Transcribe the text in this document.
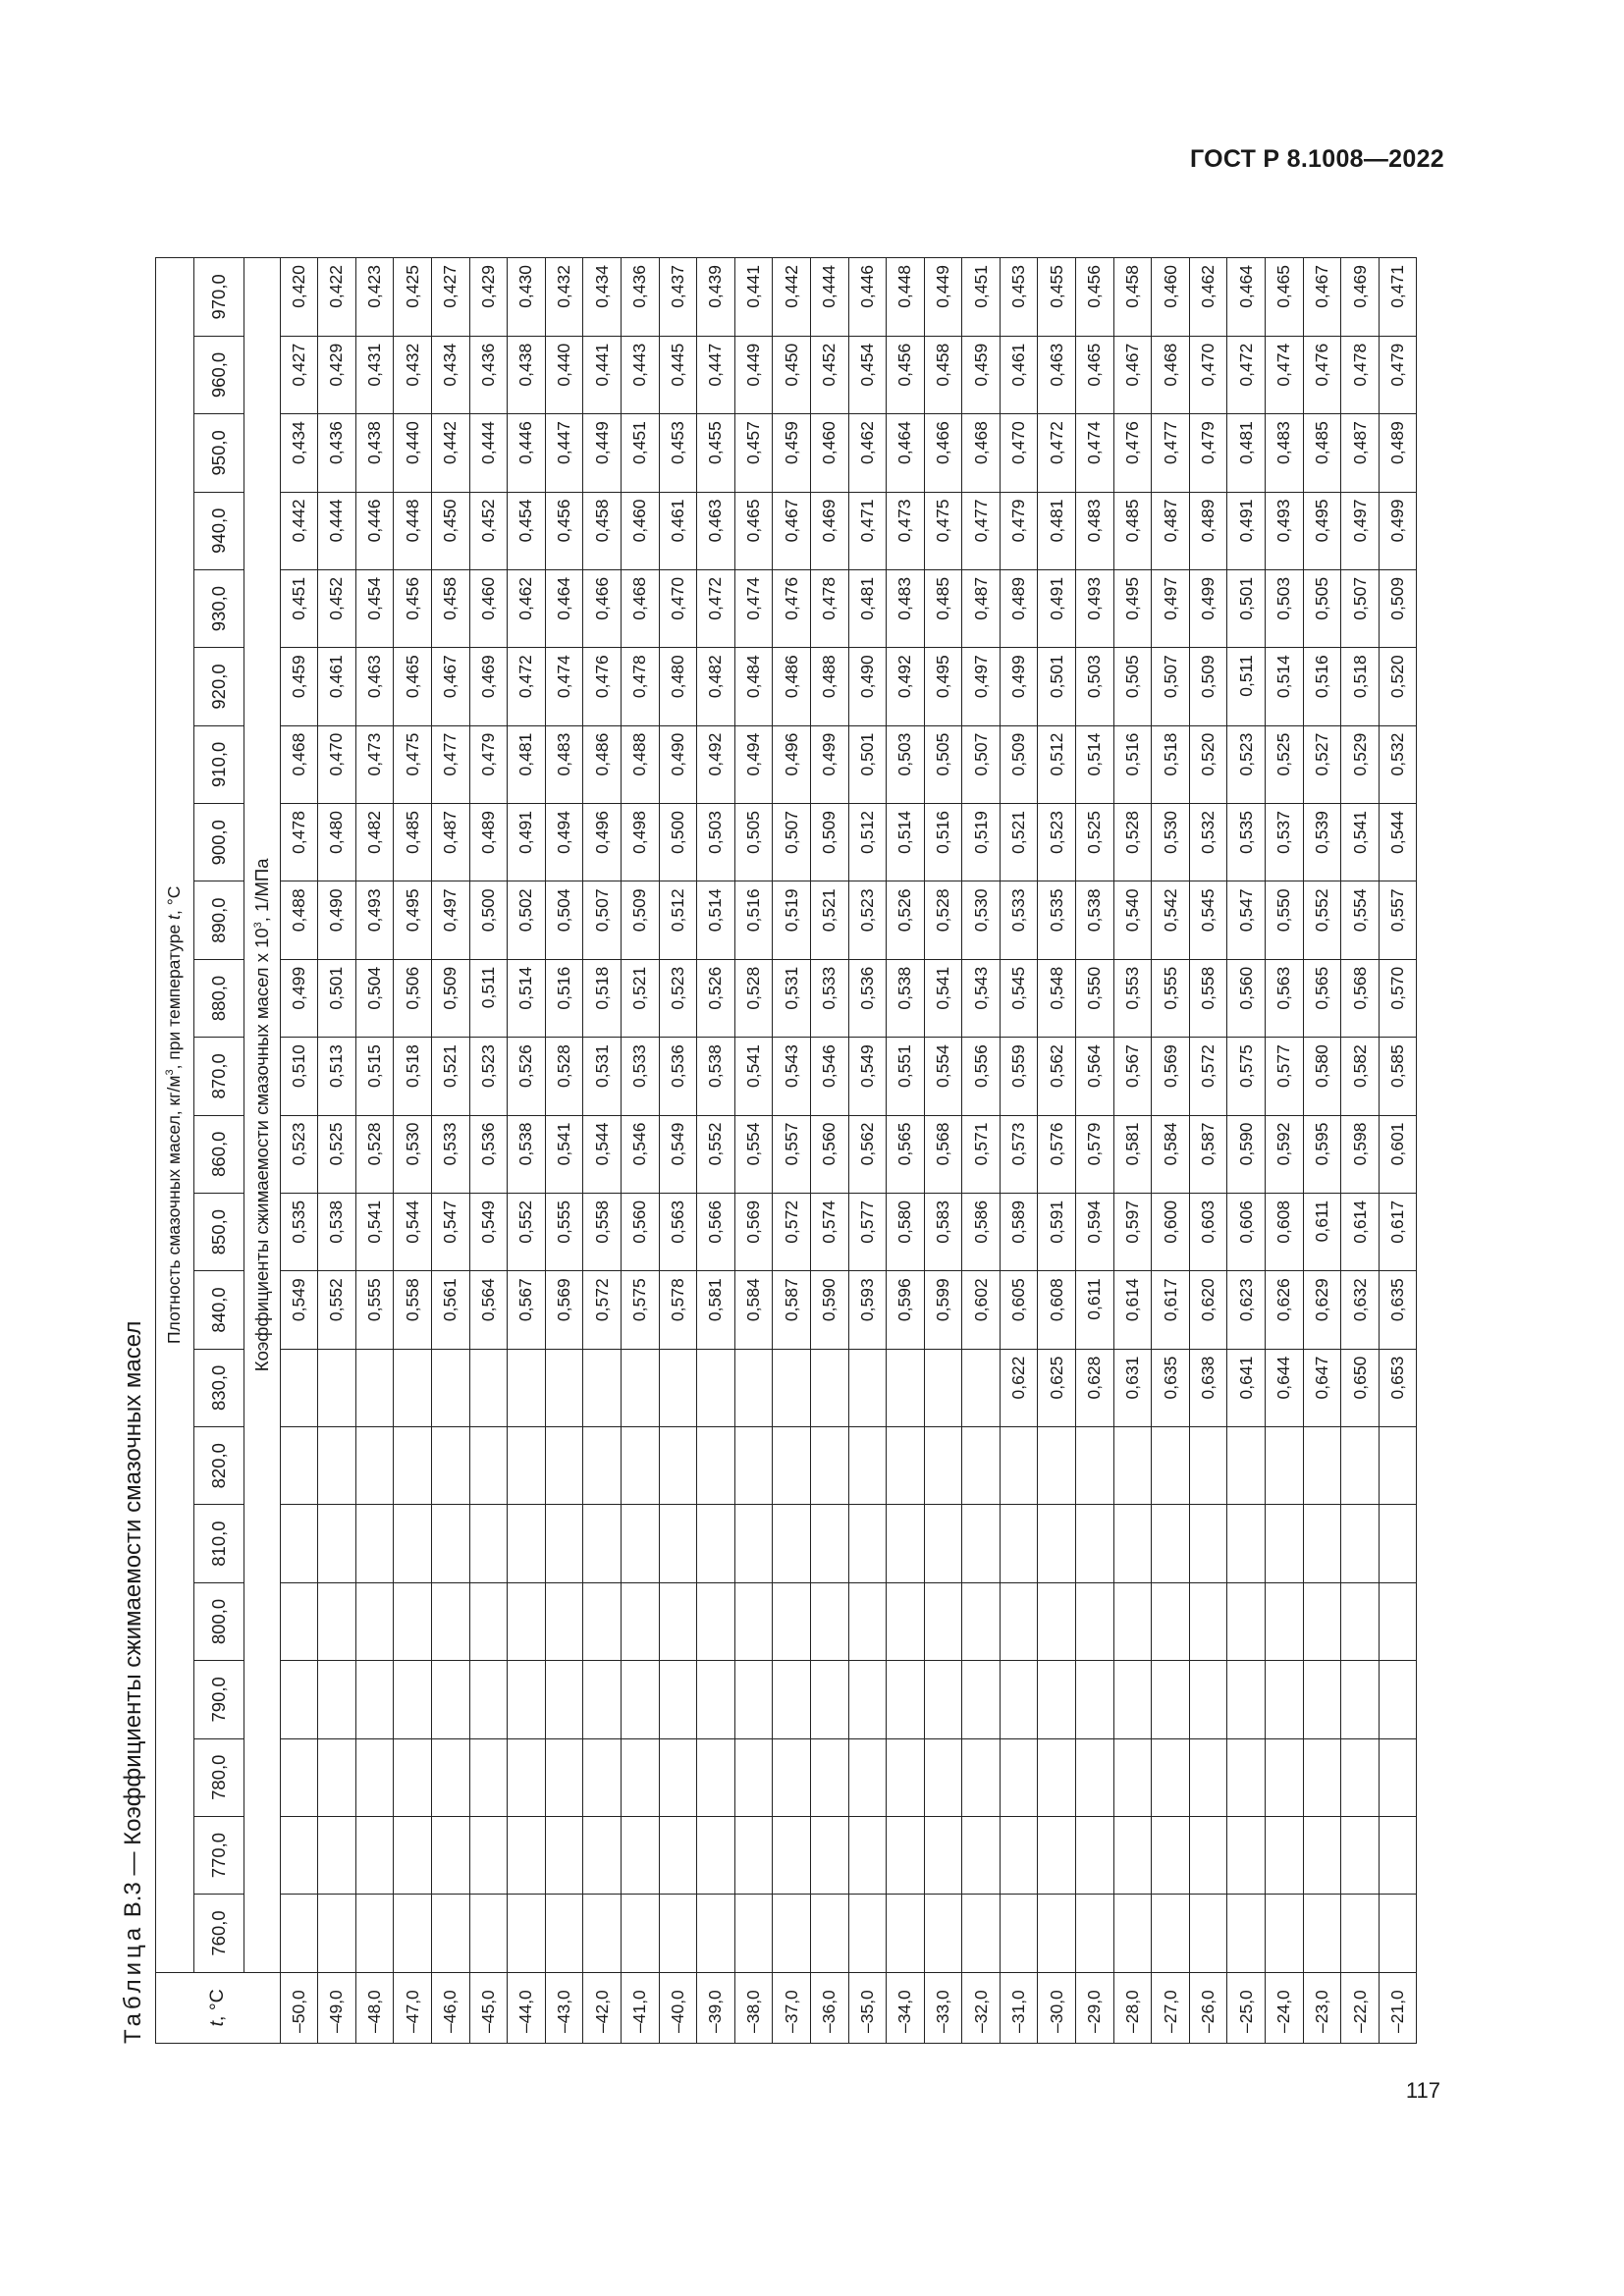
ГОСТ Р 8.1008—2022
Таблица В.3 — Коэффициенты сжимаемости смазочных масел
t, °C	Плотность смазочных масел, $кг/м^3$, при температуре t, °C																					
	760,0	770,0	780,0	790,0	800,0	810,0	820,0	830,0	840,0	850,0	860,0	870,0	880,0	890,0	900,0	910,0	920,0	930,0	940,0	950,0	960,0	970,0
	Коэффициенты сжимаемости смазочных масел х $10^3$, 1/МПа																					
–50,0									0,549	0,535	0,523	0,510	0,499	0,488	0,478	0,468	0,459	0,451	0,442	0,434	0,427	0,420
–49,0									0,552	0,538	0,525	0,513	0,501	0,490	0,480	0,470	0,461	0,452	0,444	0,436	0,429	0,422
–48,0									0,555	0,541	0,528	0,515	0,504	0,493	0,482	0,473	0,463	0,454	0,446	0,438	0,431	0,423
–47,0									0,558	0,544	0,530	0,518	0,506	0,495	0,485	0,475	0,465	0,456	0,448	0,440	0,432	0,425
–46,0									0,561	0,547	0,533	0,521	0,509	0,497	0,487	0,477	0,467	0,458	0,450	0,442	0,434	0,427
–45,0									0,564	0,549	0,536	0,523	0,511	0,500	0,489	0,479	0,469	0,460	0,452	0,444	0,436	0,429
–44,0									0,567	0,552	0,538	0,526	0,514	0,502	0,491	0,481	0,472	0,462	0,454	0,446	0,438	0,430
–43,0									0,569	0,555	0,541	0,528	0,516	0,504	0,494	0,483	0,474	0,464	0,456	0,447	0,440	0,432
–42,0									0,572	0,558	0,544	0,531	0,518	0,507	0,496	0,486	0,476	0,466	0,458	0,449	0,441	0,434
–41,0									0,575	0,560	0,546	0,533	0,521	0,509	0,498	0,488	0,478	0,468	0,460	0,451	0,443	0,436
–40,0									0,578	0,563	0,549	0,536	0,523	0,512	0,500	0,490	0,480	0,470	0,461	0,453	0,445	0,437
–39,0									0,581	0,566	0,552	0,538	0,526	0,514	0,503	0,492	0,482	0,472	0,463	0,455	0,447	0,439
–38,0									0,584	0,569	0,554	0,541	0,528	0,516	0,505	0,494	0,484	0,474	0,465	0,457	0,449	0,441
–37,0									0,587	0,572	0,557	0,543	0,531	0,519	0,507	0,496	0,486	0,476	0,467	0,459	0,450	0,442
–36,0									0,590	0,574	0,560	0,546	0,533	0,521	0,509	0,499	0,488	0,478	0,469	0,460	0,452	0,444
–35,0									0,593	0,577	0,562	0,549	0,536	0,523	0,512	0,501	0,490	0,481	0,471	0,462	0,454	0,446
–34,0									0,596	0,580	0,565	0,551	0,538	0,526	0,514	0,503	0,492	0,483	0,473	0,464	0,456	0,448
–33,0									0,599	0,583	0,568	0,554	0,541	0,528	0,516	0,505	0,495	0,485	0,475	0,466	0,458	0,449
–32,0									0,602	0,586	0,571	0,556	0,543	0,530	0,519	0,507	0,497	0,487	0,477	0,468	0,459	0,451
–31,0								0,622	0,605	0,589	0,573	0,559	0,545	0,533	0,521	0,509	0,499	0,489	0,479	0,470	0,461	0,453
–30,0								0,625	0,608	0,591	0,576	0,562	0,548	0,535	0,523	0,512	0,501	0,491	0,481	0,472	0,463	0,455
–29,0								0,628	0,611	0,594	0,579	0,564	0,550	0,538	0,525	0,514	0,503	0,493	0,483	0,474	0,465	0,456
–28,0								0,631	0,614	0,597	0,581	0,567	0,553	0,540	0,528	0,516	0,505	0,495	0,485	0,476	0,467	0,458
–27,0								0,635	0,617	0,600	0,584	0,569	0,555	0,542	0,530	0,518	0,507	0,497	0,487	0,477	0,468	0,460
–26,0								0,638	0,620	0,603	0,587	0,572	0,558	0,545	0,532	0,520	0,509	0,499	0,489	0,479	0,470	0,462
–25,0								0,641	0,623	0,606	0,590	0,575	0,560	0,547	0,535	0,523	0,511	0,501	0,491	0,481	0,472	0,464
–24,0								0,644	0,626	0,608	0,592	0,577	0,563	0,550	0,537	0,525	0,514	0,503	0,493	0,483	0,474	0,465
–23,0								0,647	0,629	0,611	0,595	0,580	0,565	0,552	0,539	0,527	0,516	0,505	0,495	0,485	0,476	0,467
–22,0								0,650	0,632	0,614	0,598	0,582	0,568	0,554	0,541	0,529	0,518	0,507	0,497	0,487	0,478	0,469
–21,0								0,653	0,635	0,617	0,601	0,585	0,570	0,557	0,544	0,532	0,520	0,509	0,499	0,489	0,479	0,471
117
